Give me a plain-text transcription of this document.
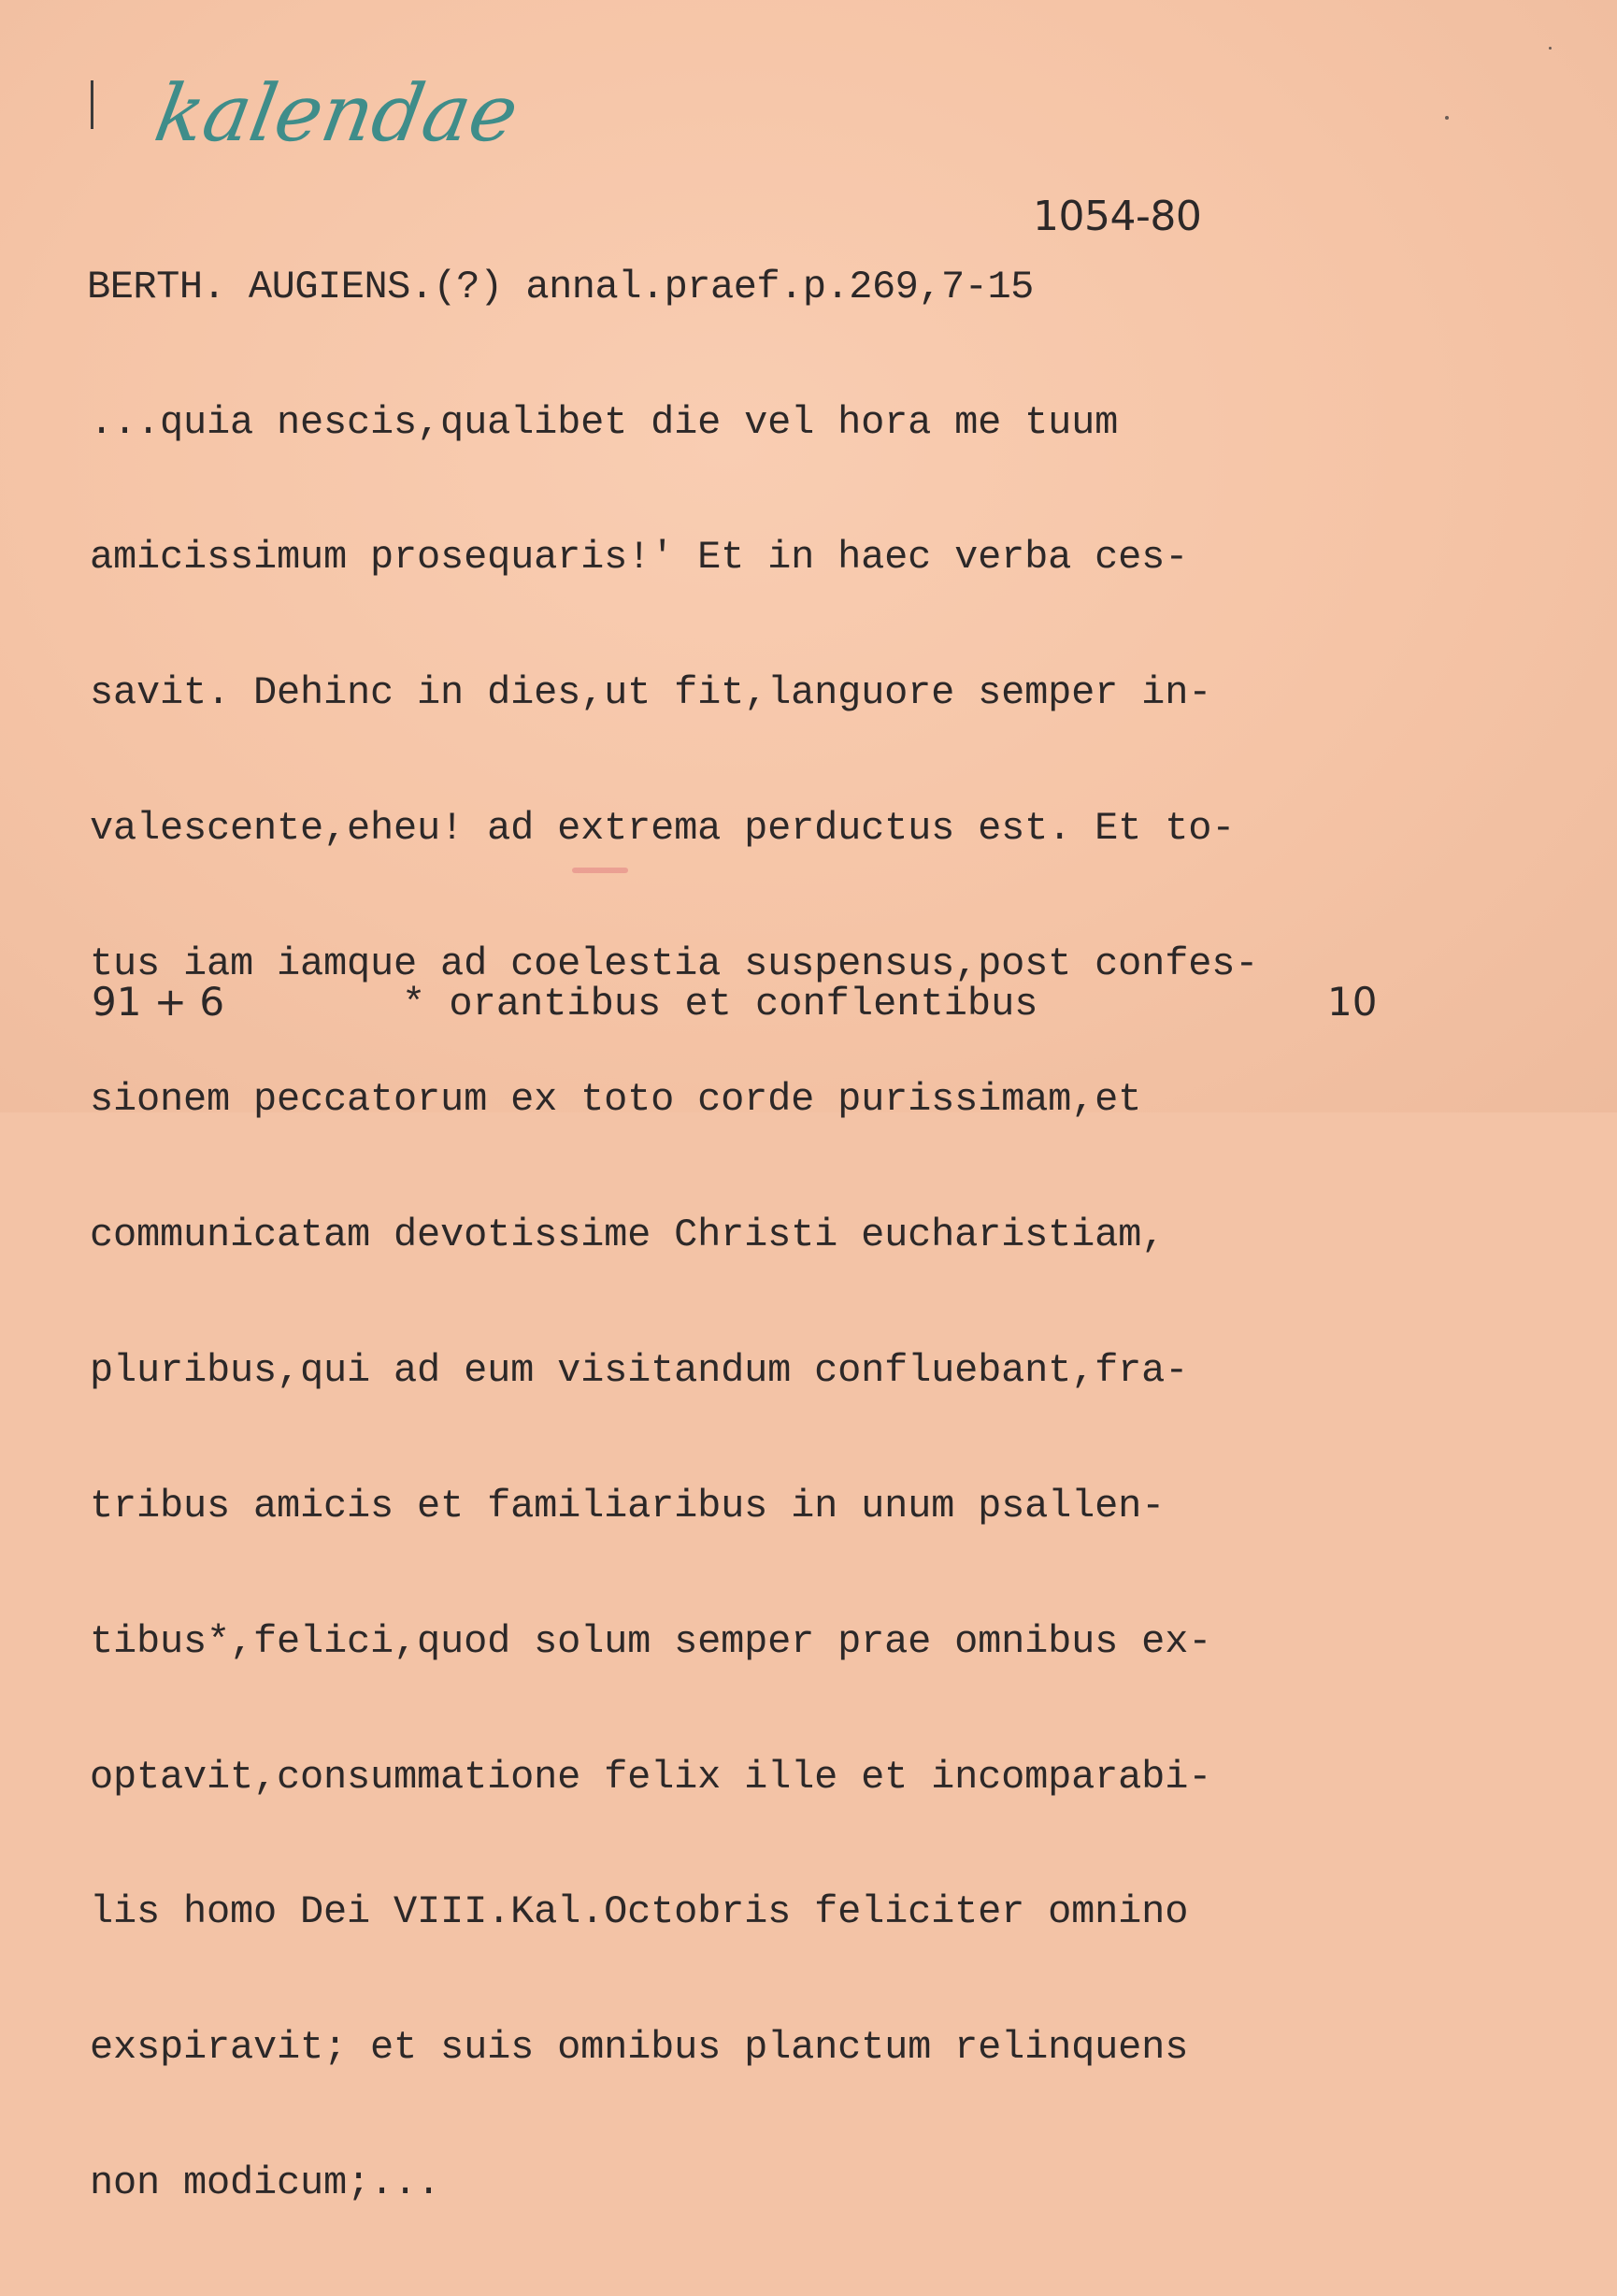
kalendae

1054-80

BERTH. AUGIENS.(?) annal.praef.p.269,7-15

...quia nescis,qualibet die vel hora me tuum

amicissimum prosequaris!' Et in haec verba ces-

savit. Dehinc in dies,ut fit,languore semper in-

valescente,eheu! ad extrema perductus est. Et to-

tus iam iamque ad coelestia suspensus,post confes-

sionem peccatorum ex toto corde purissimam,et

communicatam devotissime Christi eucharistiam,

pluribus,qui ad eum visitandum confluebant,fra-

tribus amicis et familiaribus in unum psallen-

tibus*,felici,quod solum semper prae omnibus ex-

optavit,consummatione felix ille et incomparabi-

lis homo Dei VIII.Kal.Octobris feliciter omnino

exspiravit; et suis omnibus planctum relinquens

non modicum;...

91 + 6	* orantibus et conflentibus	10
